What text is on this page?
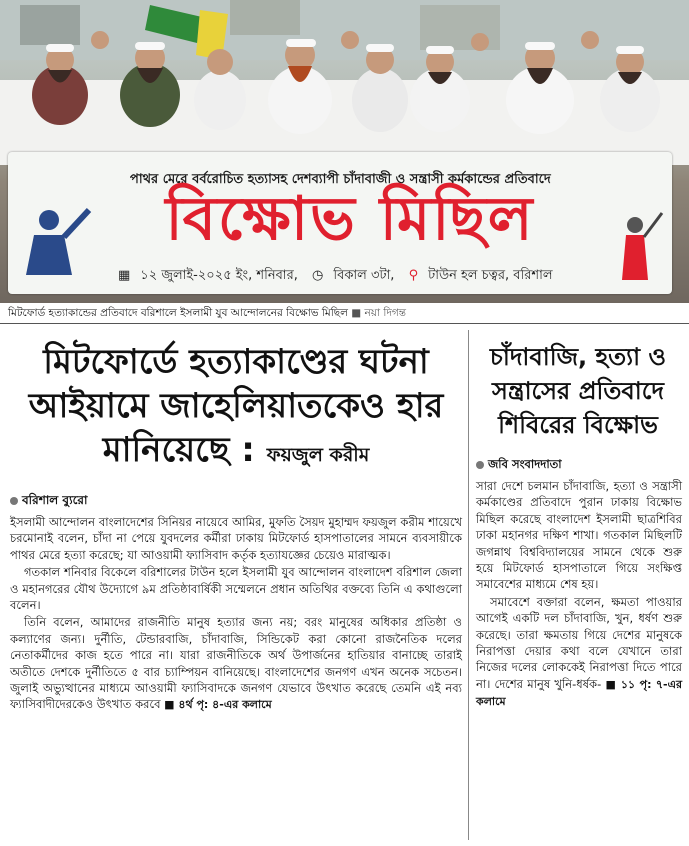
পাথর মেরে বর্বরোচিত হত্যাসহ দেশব্যাপী চাঁদাবাজী ও সন্ত্রাসী কর্মকান্ডের প্রতিবাদে
বিক্ষোভ মিছিল
▦ ১২ জুলাই-২০২৫ ইং, শনিবার, ◷ বিকাল ৩টা, ⚲ টাউন হল চত্বর, বরিশাল
মিটফোর্ড হত্যাকান্ডের প্রতিবাদে বরিশালে ইসলামী যুব আন্দোলনের বিক্ষোভ মিছিল ■ নয়া দিগন্ত
মিটফোর্ডে হত্যাকাণ্ডের ঘটনা আইয়ামে জাহেলিয়াতকেও হার মানিয়েছে : ফয়জুল করীম
বরিশাল ব্যুরো

ইসলামী আন্দোলন বাংলাদেশের সিনিয়র নায়েবে আমির, মুফতি সৈয়দ মুহাম্মদ ফয়জুল করীম শায়েখে চরমোনাই বলেন, চাঁদা না পেয়ে যুবদলের কর্মীরা ঢাকায় মিটফোর্ড হাসপাতালের সামনে ব্যবসায়ীকে পাথর মেরে হত্যা করেছে; যা আওয়ামী ফ্যাসিবাদ কর্তৃক হত্যাযজ্ঞের চেয়েও মারাত্মক।

গতকাল শনিবার বিকেলে বরিশালের টাউন হলে ইসলামী যুব আন্দোলন বাংলাদেশ বরিশাল জেলা ও মহানগরের যৌথ উদ্যোগে ৯ম প্রতিষ্ঠাবার্ষিকী সম্মেলনে প্রধান অতিথির বক্তব্যে তিনি এ কথাগুলো বলেন।

তিনি বলেন, আমাদের রাজনীতি মানুষ হত্যার জন্য নয়; বরং মানুষের অধিকার প্রতিষ্ঠা ও কল্যাণের জন্য। দুর্নীতি, টেন্ডারবাজি, চাঁদাবাজি, সিন্ডিকেট করা কোনো রাজনৈতিক দলের নেতাকর্মীদের কাজ হতে পারে না। যারা রাজনীতিকে অর্থ উপার্জনের হাতিয়ার বানাচ্ছে তারাই অতীতে দেশকে দুর্নীতিতে ৫ বার চ্যাম্পিয়ন বানিয়েছে। বাংলাদেশের জনগণ এখন অনেক সচেতন। জুলাই অভ্যুত্থানের মাধ্যমে আওয়ামী ফ্যাসিবাদকে জনগণ যেভাবে উৎখাত করেছে তেমনি এই নব্য ফ্যাসিবাদীদেরকেও উৎখাত করবে ■ ৪র্থ পৃ: ৪-এর কলামে

চাঁদাবাজি, হত্যা ও সন্ত্রাসের প্রতিবাদে শিবিরের বিক্ষোভ
জবি সংবাদদাতা

সারা দেশে চলমান চাঁদাবাজি, হত্যা ও সন্ত্রাসী কর্মকাণ্ডের প্রতিবাদে পুরান ঢাকায় বিক্ষোভ মিছিল করেছে বাংলাদেশ ইসলামী ছাত্রশিবির ঢাকা মহানগর দক্ষিণ শাখা। গতকাল মিছিলটি জগন্নাথ বিশ্ববিদ্যালয়ের সামনে থেকে শুরু হয়ে মিটফোর্ড হাসপাতালে গিয়ে সংক্ষিপ্ত সমাবেশের মাধ্যমে শেষ হয়।

সমাবেশে বক্তারা বলেন, ক্ষমতা পাওয়ার আগেই একটি দল চাঁদাবাজি, খুন, ধর্ষণ শুরু করেছে। তারা ক্ষমতায় গিয়ে দেশের মানুষকে নিরাপত্তা দেয়ার কথা বলে যেখানে তারা নিজের দলের লোককেই নিরাপত্তা দিতে পারে না। দেশের মানুষ খুনি-ধর্ষক- ■ ১১ পৃ: ৭-এর কলামে
